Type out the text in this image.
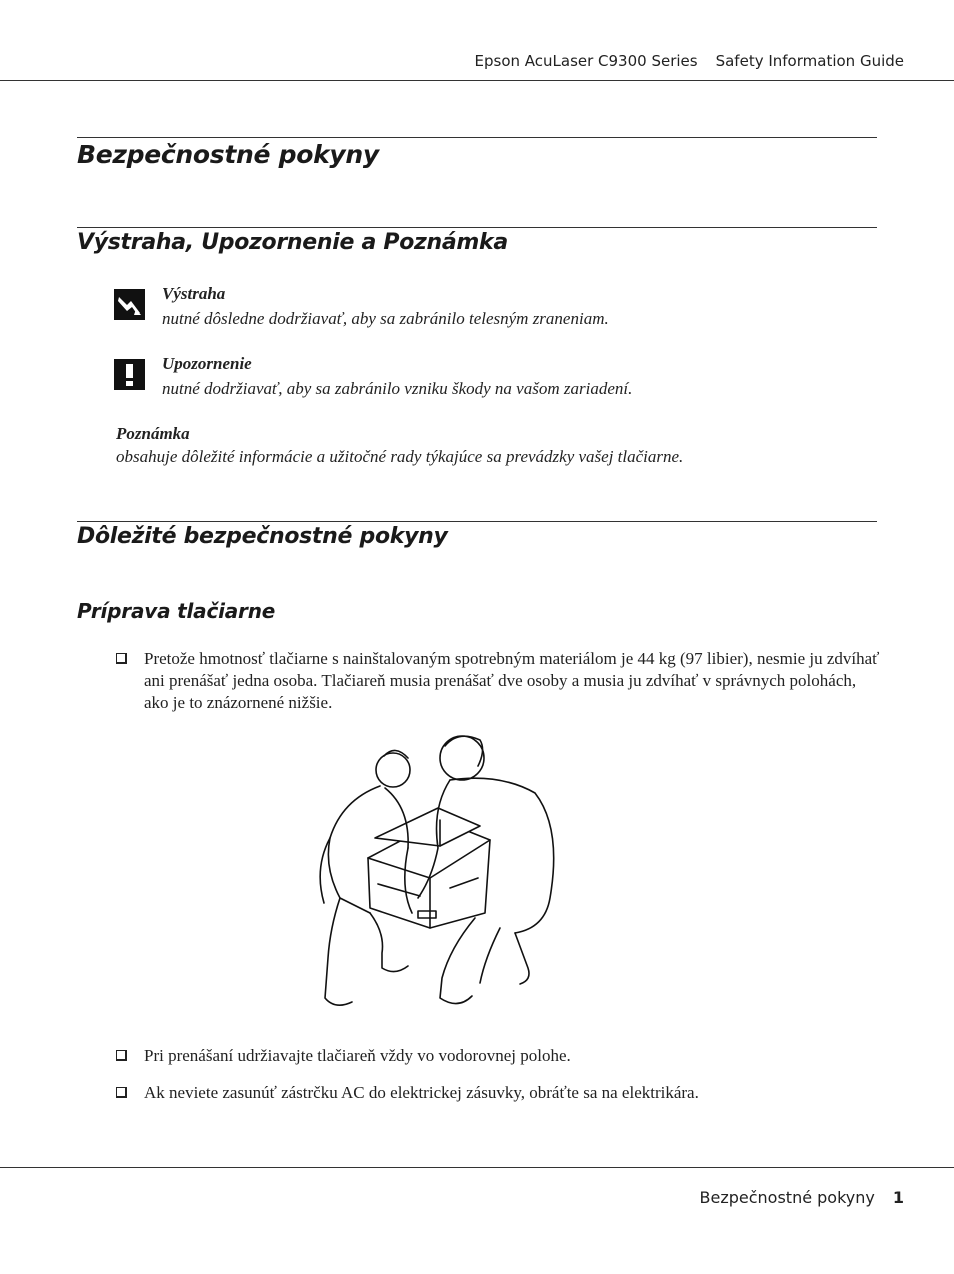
Epson AcuLaser C9300 Series Safety Information Guide
Bezpečnostné pokyny
Výstraha, Upozornenie a Poznámka
Výstraha
nutné dôsledne dodržiavať, aby sa zabránilo telesným zraneniam.
Upozornenie
nutné dodržiavať, aby sa zabránilo vzniku škody na vašom zariadení.
Poznámka
obsahuje dôležité informácie a užitočné rady týkajúce sa prevádzky vašej tlačiarne.
Dôležité bezpečnostné pokyny
Príprava tlačiarne
Pretože hmotnosť tlačiarne s nainštalovaným spotrebným materiálom je 44 kg (97 libier), nesmie ju zdvíhať ani prenášať jedna osoba. Tlačiareň musia prenášať dve osoby a musia ju zdvíhať v správnych polohách, ako je to znázornené nižšie.
Pri prenášaní udržiavajte tlačiareň vždy vo vodorovnej polohe.
Ak neviete zasunúť zástrčku AC do elektrickej zásuvky, obráťte sa na elektrikára.
Bezpečnostné pokyny 1
